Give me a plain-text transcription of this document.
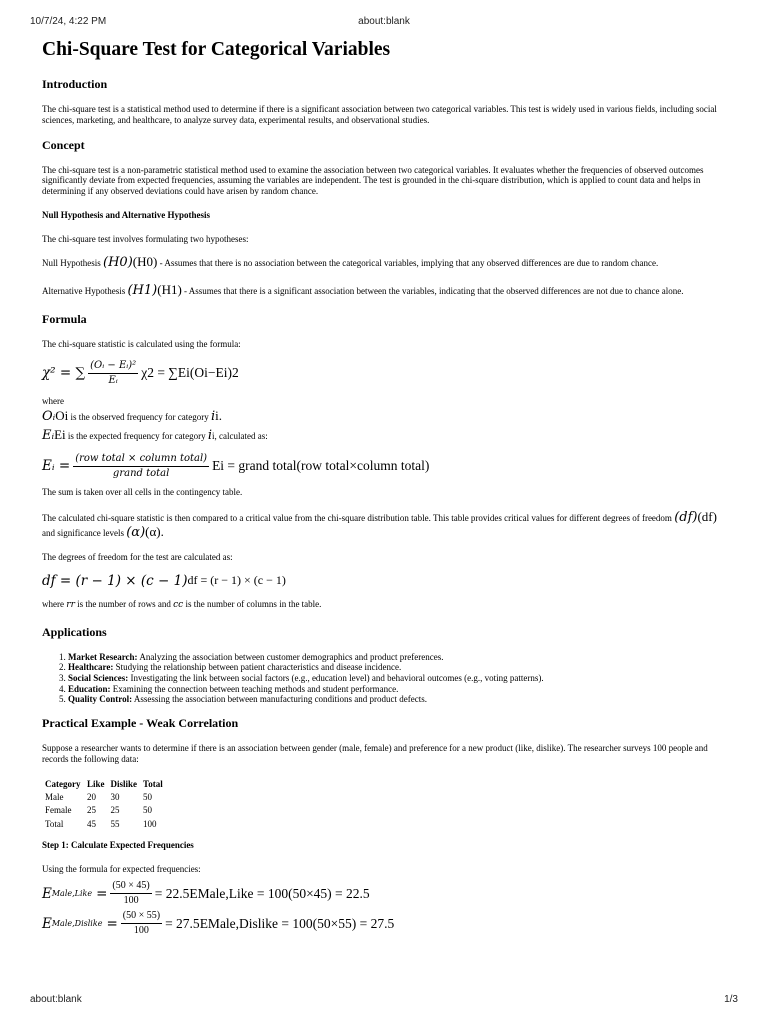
10/7/24, 4:22 PM	about:blank
Chi-Square Test for Categorical Variables
Introduction

The chi-square test is a statistical method used to determine if there is a significant association between two categorical variables. This test is widely used in various fields, including social sciences, marketing, and healthcare, to analyze survey data, experimental results, and observational studies.

Concept

The chi-square test is a non-parametric statistical method used to examine the association between two categorical variables. It evaluates whether the frequencies of observed outcomes significantly deviate from expected frequencies, assuming the variables are independent. The test is grounded in the chi-square distribution, which is applied to count data and helps in determining if any observed deviations could have arisen by random chance.

Null Hypothesis and Alternative Hypothesis

The chi-square test involves formulating two hypotheses:

Null Hypothesis (H0)(H0) - Assumes that there is no association between the categorical variables, implying that any observed differences are due to random chance.

Alternative Hypothesis (H1)(H1) - Assumes that there is a significant association between the variables, indicating that the observed differences are not due to chance alone.

Formula

The chi-square statistic is calculated using the formula:

χ² = ∑ $\frac{\text{(Oᵢ − Eᵢ)²}}{\text{Eᵢ}} \chi 2 = \sum Ei(Oi-Ei)2$

where

Oᵢ Oi
is the observed frequency for category
i i.
Eᵢ Ei
is the expected frequency for category
i i, calculated as:
Eᵢ = $\frac{\text{(row total × column total)}}{\text{grand total}}$ Ei = grand total(row total×column total)

The sum is taken over all cells in the contingency table.

The calculated chi-square statistic is then compared to a critical value from the chi-square distribution table. This table provides critical values for different degrees of freedom (df)(df) and significance levels (α)(α).

The degrees of freedom for the test are calculated as:

df = (r − 1) × (c − 1) df = (r − 1) × (c − 1)

where rr is the number of rows and cc is the number of columns in the table.

Applications
1. Market Research: Analyzing the association between customer demographics and product preferences.
2. Healthcare: Studying the relationship between patient characteristics and disease incidence.
3. Social Sciences: Investigating the link between social factors (e.g., education level) and behavioral outcomes (e.g., voting patterns).
4. Education: Examining the connection between teaching methods and student performance.
5. Quality Control: Assessing the association between manufacturing conditions and product defects.
Practical Example - Weak Correlation

Suppose a researcher wants to determine if there is an association between gender (male, female) and preference for a new product (like, dislike). The researcher surveys 100 people and records the following data:

Category	Like	Dislike	Total
Male	20	30	50
Female	25	25	50
Total	45	55	100
Step 1: Calculate Expected Frequencies

Using the formula for expected frequencies:

E Male,Like
= $\frac{(50 \times 45)}{100} = 22.5$ EMale,Like = 100(50×45) = 22.5
E Male,Dislike
= $\frac{(50 \times 55)}{100} = 27.5$ EMale,Dislike = 100(50×55) = 27.5
about:blank	1/3
